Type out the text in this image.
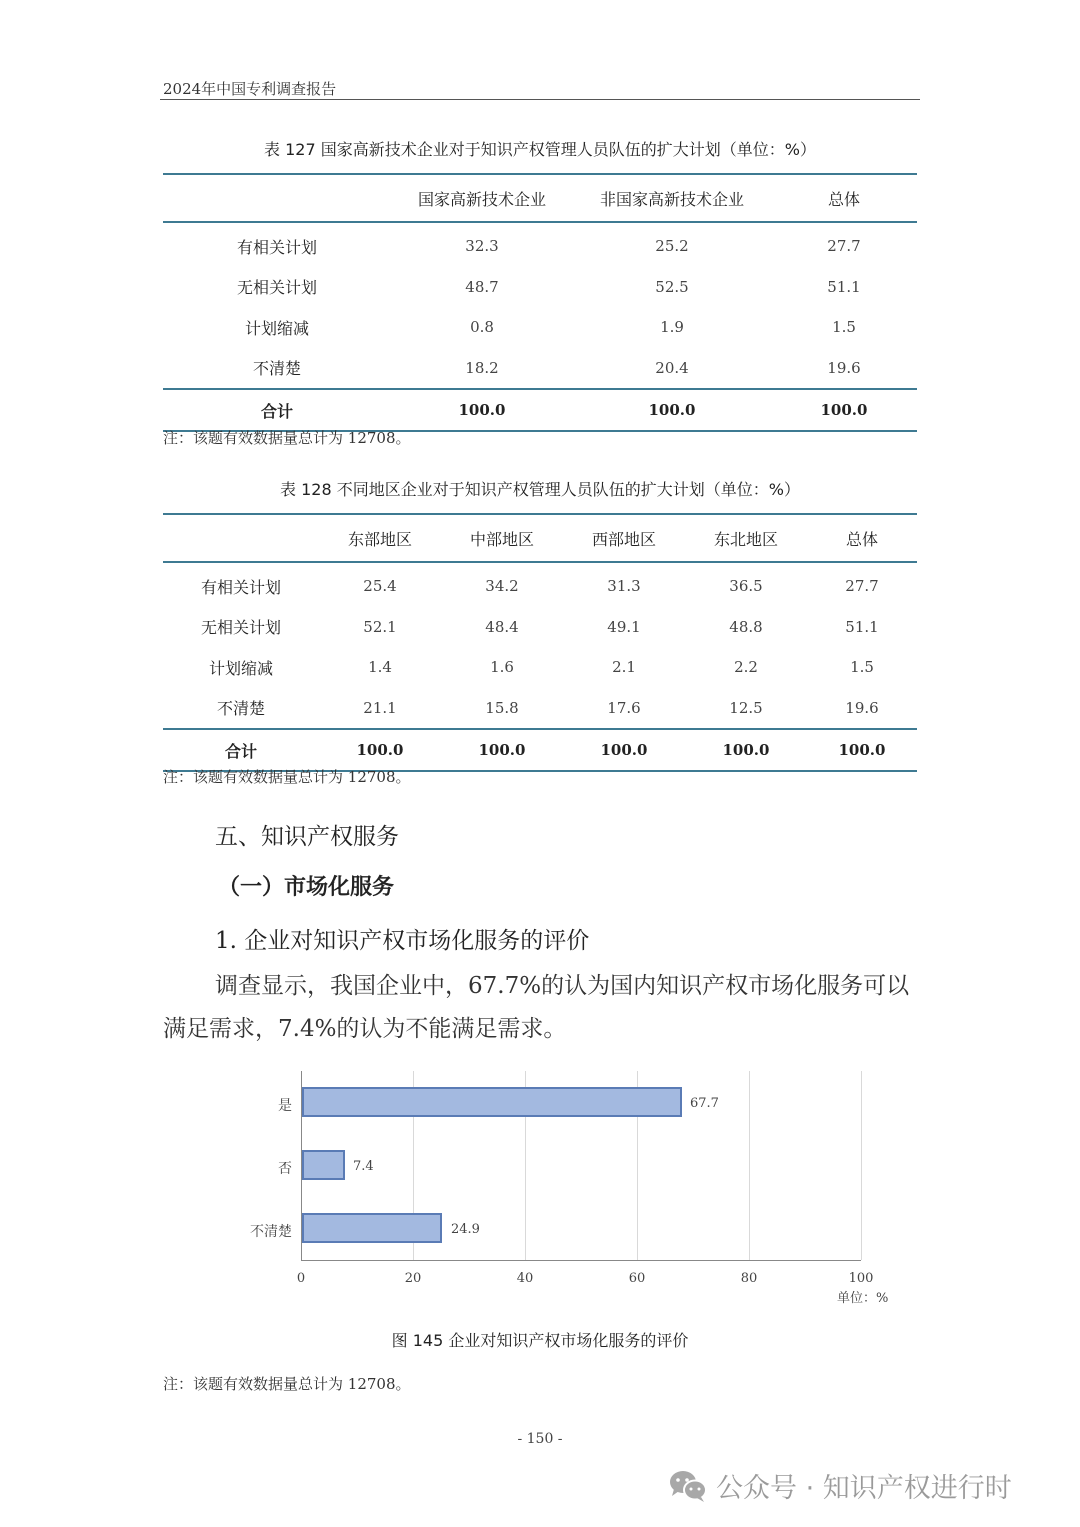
2024年中国专利调查报告
表 127 国家高新技术企业对于知识产权管理人员队伍的扩大计划（单位：%）
	国家高新技术企业	非国家高新技术企业	总体
有相关计划	32.3	25.2	27.7
无相关计划	48.7	52.5	51.1
计划缩减	0.8	1.9	1.5
不清楚	18.2	20.4	19.6
合计	100.0	100.0	100.0
注：该题有效数据量总计为 12708。
表 128 不同地区企业对于知识产权管理人员队伍的扩大计划（单位：%）
	东部地区	中部地区	西部地区	东北地区	总体
有相关计划	25.4	34.2	31.3	36.5	27.7
无相关计划	52.1	48.4	49.1	48.8	51.1
计划缩减	1.4	1.6	2.1	2.2	1.5
不清楚	21.1	15.8	17.6	12.5	19.6
合计	100.0	100.0	100.0	100.0	100.0
注：该题有效数据量总计为 12708。
五、知识产权服务
（一）市场化服务
1. 企业对知识产权市场化服务的评价
调查显示，我国企业中，67.7%的认为国内知识产权市场化服务可以满足需求，7.4%的认为不能满足需求。
是	67.7
否	7.4
不清楚	24.9
0	20	40	60	80	100
单位：%
图 145 企业对知识产权市场化服务的评价
注：该题有效数据量总计为 12708。
- 150 -
公众号 · 知识产权进行时
